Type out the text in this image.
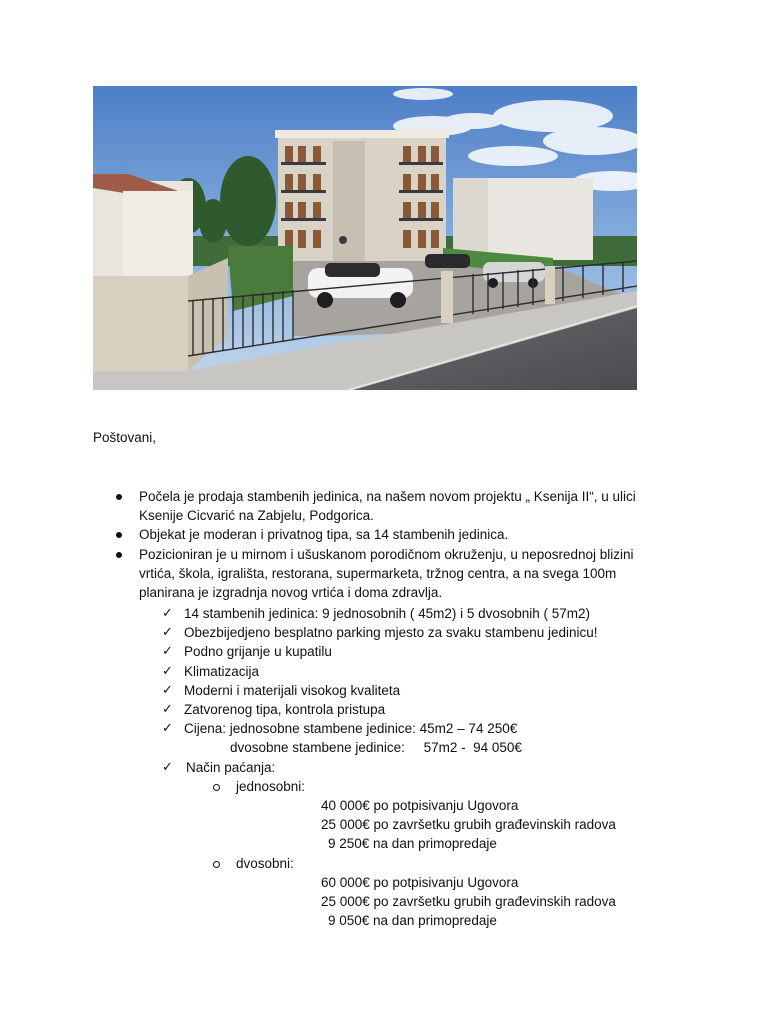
Poštovani,
Počela je prodaja stambenih jedinica, na našem novom projektu „ Ksenija II“, u ulici
Ksenije Cicvarić na Zabjelu, Podgorica.
Objekat je moderan i privatnog tipa, sa 14 stambenih jedinica.
Pozicioniran je u mirnom i ušuskanom porodičnom okruženju, u neposrednoj blizini
vrtića, škola, igrališta, restorana, supermarketa, tržnog centra, a na svega 100m
planirana je izgradnja novog vrtića i doma zdravlja.
✓ 14 stambenih jedinica: 9 jednosobnih ( 45m2) i 5 dvosobnih ( 57m2)
✓ Obezbijedjeno besplatno parking mjesto za svaku stambenu jedinicu!
✓ Podno grijanje u kupatilu
✓ Klimatizacija
✓ Moderni i materijali visokog kvaliteta
✓ Zatvorenog tipa, kontrola pristupa
✓ Cijena: jednosobne stambene jedinice: 45m2 – 74 250€
dvosobne stambene jedinice:     57m2 -  94 050€
✓ Način paćanja:
jednosobni:
40 000€ po potpisivanju Ugovora
25 000€ po završetku grubih građevinskih radova
9 250€ na dan primopredaje
dvosobni:
60 000€ po potpisivanju Ugovora
25 000€ po završetku grubih građevinskih radova
9 050€ na dan primopredaje
